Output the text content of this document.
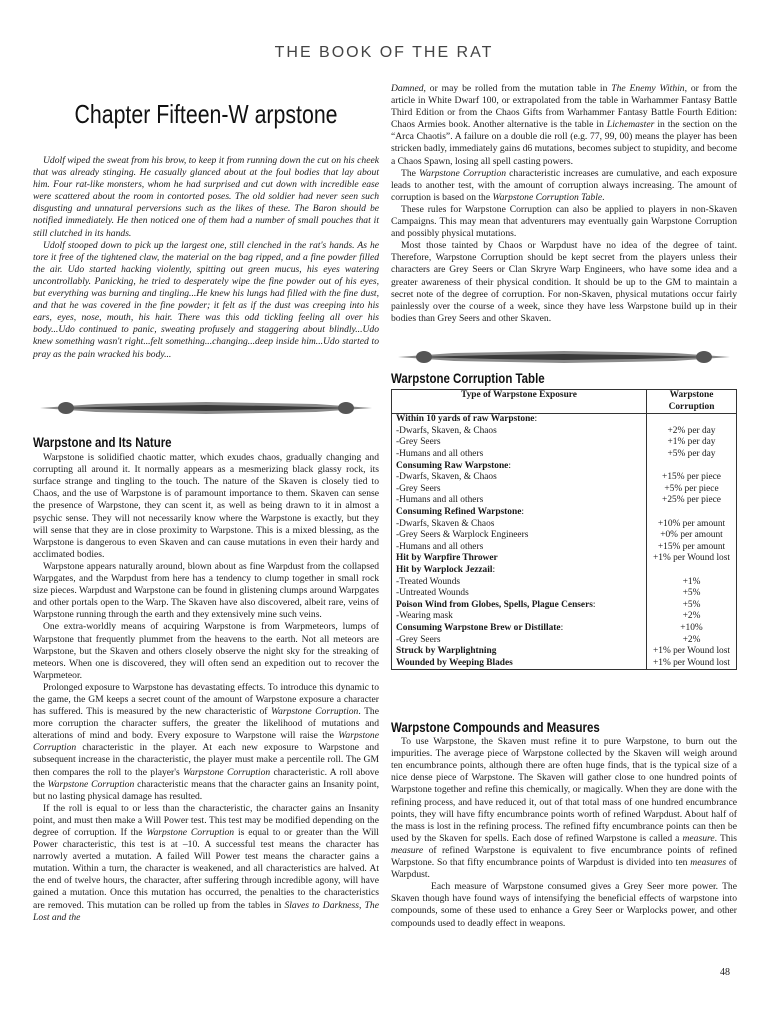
THE BOOK OF THE RAT
Chapter Fifteen-W arpstone

Udolf wiped the sweat from his brow, to keep it from running down the cut on his cheek that was already stinging. He casually glanced about at the foul bodies that lay about him. Four rat-like monsters, whom he had surprised and cut down with incredible ease were scattered about the room in contorted poses. The old soldier had never seen such disgusting and unnatural perversions such as the likes of these. The Baron should be notified immediately. He then noticed one of them had a number of small pouches that it still clutched in its hands.

Udolf stooped down to pick up the largest one, still clenched in the rat's hands. As he tore it free of the tightened claw, the material on the bag ripped, and a fine powder filled the air. Udo started hacking violently, spitting out green mucus, his eyes watering uncontrollably. Panicking, he tried to desperately wipe the fine powder out of his eyes, but everything was burning and tingling...He knew his lungs had filled with the fine dust, and that he was covered in the fine powder; it felt as if the dust was creeping into his ears, eyes, nose, mouth, his hair. There was this odd tickling feeling all over his body...Udo continued to panic, sweating profusely and staggering about blindly...Udo knew something wasn't right...felt something...changing...deep inside him...Udo started to pray as the pain wracked his body...

Warpstone and Its Nature

Warpstone is solidified chaotic matter, which exudes chaos, gradually changing and corrupting all around it. It normally appears as a mesmerizing black glassy rock, its surface strange and tingling to the touch. The nature of the Skaven is closely tied to Chaos, and the use of Warpstone is of paramount importance to them. Skaven can sense the presence of Warpstone, they can scent it, as well as being drawn to it in almost a psychic sense. They will not necessarily know where the Warpstone is exactly, but they will sense that they are in close proximity to Warpstone. This is a mixed blessing, as the Warpstone is dangerous to even Skaven and can cause mutations in even their hardy and acclimated bodies.

Warpstone appears naturally around, blown about as fine Warpdust from the collapsed Warpgates, and the Warpdust from here has a tendency to clump together in small rock size pieces. Warpdust and Warpstone can be found in glistening clumps around Warpgates and other portals open to the Warp. The Skaven have also discovered, albeit rare, veins of Warpstone running through the earth and they extensively mine such veins.

One extra-worldly means of acquiring Warpstone is from Warpmeteors, lumps of Warpstone that frequently plummet from the heavens to the earth. Not all meteors are Warpstone, but the Skaven and others closely observe the night sky for the streaking of meteors. When one is discovered, they will often send an expedition out to recover the Warpmeteor.

Prolonged exposure to Warpstone has devastating effects. To introduce this dynamic to the game, the GM keeps a secret count of the amount of Warpstone exposure a character has suffered. This is measured by the new characteristic of Warpstone Corruption. The more corruption the character suffers, the greater the likelihood of mutations and alterations of mind and body. Every exposure to Warpstone will raise the Warpstone Corruption characteristic in the player. At each new exposure to Warpstone and subsequent increase in the characteristic, the player must make a percentile roll. The GM then compares the roll to the player's Warpstone Corruption characteristic. A roll above the Warpstone Corruption characteristic means that the character gains an Insanity point, but no lasting physical damage has resulted.

If the roll is equal to or less than the characteristic, the character gains an Insanity point, and must then make a Will Power test. This test may be modified depending on the degree of corruption. If the Warpstone Corruption is equal to or greater than the Will Power characteristic, this test is at –10. A successful test means the character has narrowly averted a mutation. A failed Will Power test means the character gains a mutation. Within a turn, the character is weakened, and all characteristics are halved. At the end of twelve hours, the character, after suffering through incredible agony, will have gained a mutation. Once this mutation has occurred, the penalties to the characteristics are removed. This mutation can be rolled up from the tables in Slaves to Darkness, The Lost and the

Damned, or may be rolled from the mutation table in The Enemy Within, or from the article in White Dwarf 100, or extrapolated from the table in Warhammer Fantasy Battle Third Edition or from the Chaos Gifts from Warhammer Fantasy Battle Fourth Edition: Chaos Armies book. Another alternative is the table in Lichemaster in the section on the “Arca Chaotis”. A failure on a double die roll (e.g. 77, 99, 00) means the player has been stricken badly, immediately gains d6 mutations, becomes subject to stupidity, and become a Chaos Spawn, losing all spell casting powers.

The Warpstone Corruption characteristic increases are cumulative, and each exposure leads to another test, with the amount of corruption always increasing. The amount of corruption is based on the Warpstone Corruption Table.

These rules for Warpstone Corruption can also be applied to players in non-Skaven Campaigns. This may mean that adventurers may eventually gain Warpstone Corruption and possibly physical mutations.

Most those tainted by Chaos or Warpdust have no idea of the degree of taint. Therefore, Warpstone Corruption should be kept secret from the players unless their characters are Grey Seers or Clan Skryre Warp Engineers, who have some idea and a greater awareness of their physical condition. It should be up to the GM to maintain a secret note of the degree of corruption. For non-Skaven, physical mutations occur fairly painlessly over the course of a week, since they have less Warpstone build up in their bodies than Grey Seers and other Skaven.

Warpstone Corruption Table
Type of Warpstone Exposure	Warpstone
Corruption
Within 10 yards of raw Warpstone:	
-Dwarfs, Skaven, & Chaos	+2% per day
-Grey Seers	+1% per day
-Humans and all others	+5% per day
Consuming Raw Warpstone:	
-Dwarfs, Skaven, & Chaos	+15% per piece
-Grey Seers	+5% per piece
-Humans and all others	+25% per piece
Consuming Refined Warpstone:	
-Dwarfs, Skaven & Chaos	+10% per amount
-Grey Seers & Warplock Engineers	+0% per amount
-Humans and all others	+15% per amount
Hit by Warpfire Thrower	+1% per Wound lost
Hit by Warplock Jezzail:	
-Treated Wounds	+1%
-Untreated Wounds	+5%
Poison Wind from Globes, Spells, Plague Censers:	+5%
-Wearing mask	+2%
Consuming Warpstone Brew or Distillate:	+10%
-Grey Seers	+2%
Struck by Warplightning	+1% per Wound lost
Wounded by Weeping Blades	+1% per Wound lost
Warpstone Compounds and Measures

To use Warpstone, the Skaven must refine it to pure Warpstone, to burn out the impurities. The average piece of Warpstone collected by the Skaven will weigh around ten encumbrance points, although there are often huge finds, that is the typical size of a nice dense piece of Warpstone. The Skaven will gather close to one hundred points of Warpstone together and refine this chemically, or magically. When they are done with the refining process, and have reduced it, out of that total mass of one hundred encumbrance points, they will have fifty encumbrance points worth of refined Warpdust. About half of the mass is lost in the refining process. The refined fifty encumbrance points can then be used by the Skaven for spells. Each dose of refined Warpstone is called a measure. This measure of refined Warpstone is equivalent to five encumbrance points of refined Warpstone. So that fifty encumbrance points of Warpdust is divided into ten measures of Warpdust.

Each measure of Warpstone consumed gives a Grey Seer more power. The Skaven though have found ways of intensifying the beneficial effects of warpstone into compounds, some of these used to enhance a Grey Seer or Warplocks power, and other compounds used to deadly effect in weapons.

48
